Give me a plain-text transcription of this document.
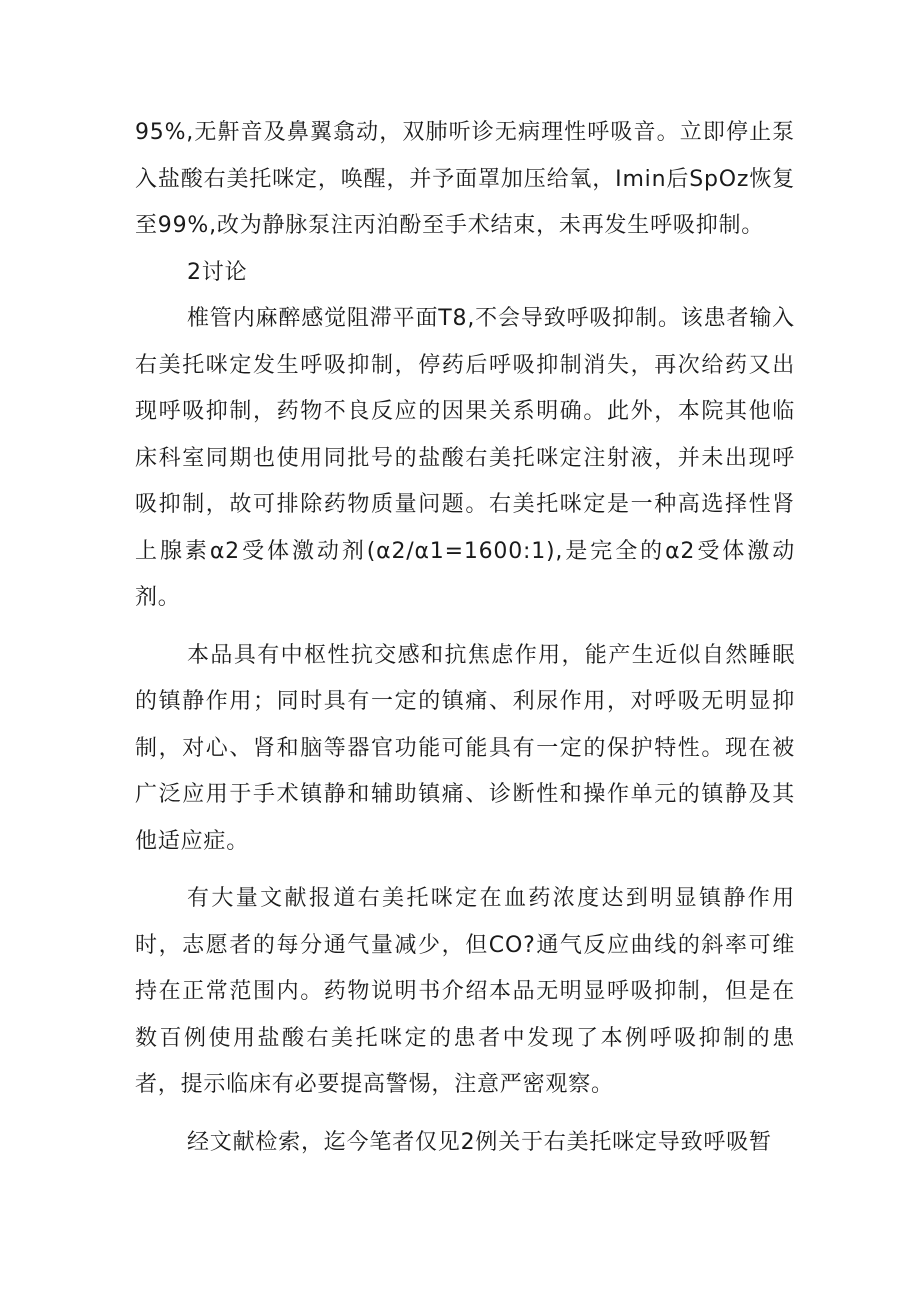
95%,无鼾音及鼻翼翕动，双肺听诊无病理性呼吸音。立即停止泵入盐酸右美托咪定，唤醒，并予面罩加压给氧，Imin后SpOz恢复至99%,改为静脉泵注丙泊酚至手术结束，未再发生呼吸抑制。

2讨论

椎管内麻醉感觉阻滞平面T8,不会导致呼吸抑制。该患者输入右美托咪定发生呼吸抑制，停药后呼吸抑制消失，再次给药又出现呼吸抑制，药物不良反应的因果关系明确。此外，本院其他临床科室同期也使用同批号的盐酸右美托咪定注射液，并未出现呼吸抑制，故可排除药物质量问题。右美托咪定是一种高选择性肾上腺素α2受体激动剂(α2/α1=1600:1),是完全的α2受体激动剂。

本品具有中枢性抗交感和抗焦虑作用，能产生近似自然睡眠的镇静作用；同时具有一定的镇痛、利尿作用，对呼吸无明显抑制，对心、肾和脑等器官功能可能具有一定的保护特性。现在被广泛应用于手术镇静和辅助镇痛、诊断性和操作单元的镇静及其他适应症。

有大量文献报道右美托咪定在血药浓度达到明显镇静作用时，志愿者的每分通气量减少，但CO?通气反应曲线的斜率可维持在正常范围内。药物说明书介绍本品无明显呼吸抑制，但是在数百例使用盐酸右美托咪定的患者中发现了本例呼吸抑制的患者，提示临床有必要提高警惕，注意严密观察。

经文献检索，迄今笔者仅见2例关于右美托咪定导致呼吸暂
